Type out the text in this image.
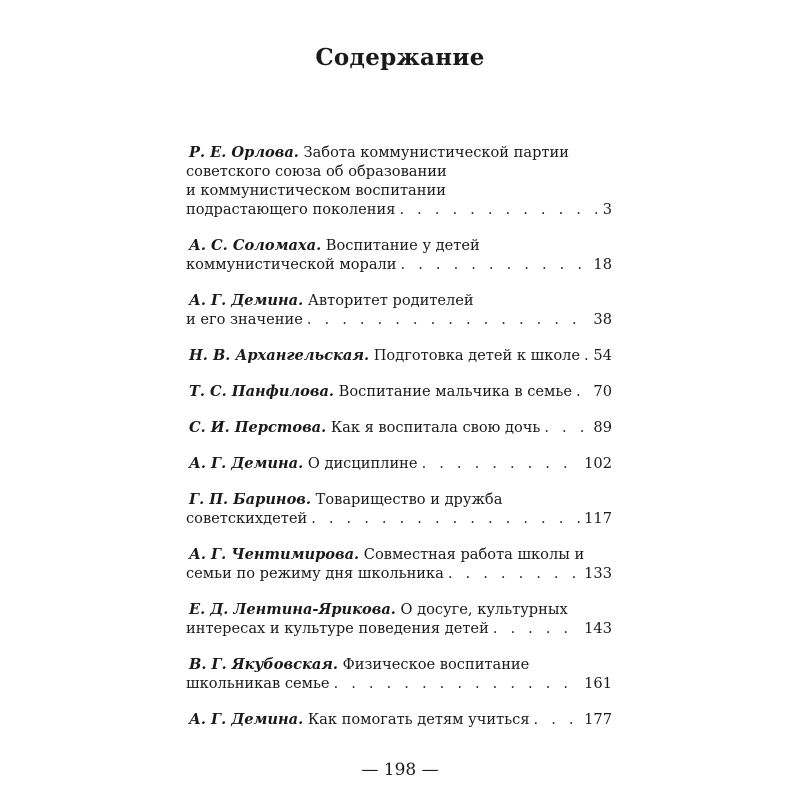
Содержание
Р. Е. Орлова. Забота коммунистической партии
советского союза об образовании
и коммунистическом воспитании
подрастающего поколения . . .	3
А. С. Соломаха. Воспитание у детей
коммунистической морали . . .	18
А. Г. Демина. Авторитет родителей
и его значение . . .	38
Н. В. Архангельская. Подготовка детей к школе . . . 54
Т. С. Панфилова. Воспитание мальчика в семье . . . 70
С. И. Перстова. Как я воспитала свою дочь . . .	89
А. Г. Демина. О дисциплине . . .	102
Г. П. Баринов. Товарищество и дружба
советскихдетей . . .	117
А. Г. Чентимирова. Совместная работа школы и
семьи по режиму дня школьника . . .	133
Е. Д. Лентина-Ярикова. О досуге, культурных
интересах и культуре поведения детей . . .	143
В. Г. Якубовская. Физическое воспитание
школьникав семье . . .	161
А. Г. Демина. Как помогать детям учиться . . .	177
— 198 —
